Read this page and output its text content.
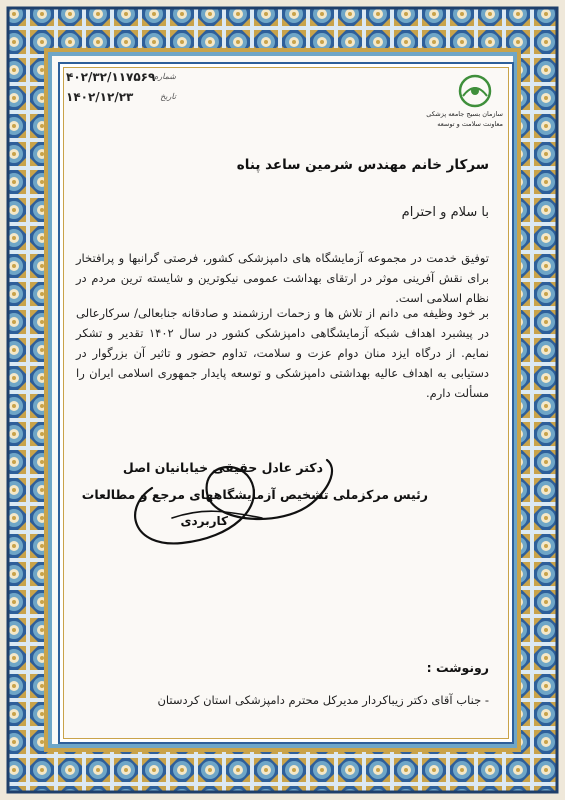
سازمان بسیج جامعه پزشکی
معاونت سلامت و توسعه
شماره
۴۰۲/۳۲/۱۱۷۵۶۹
تاریخ
۱۴۰۲/۱۲/۲۳
سرکار خانم مهندس شرمین ساعد پناه
با سلام و احترام
توفیق خدمت در مجموعه آزمایشگاه های دامپزشکی کشور، فرصتی گرانبها و پرافتخار برای نقش آفرینی موثر در ارتقای بهداشت عمومی نیکوترین و شایسته ترین مردم در نظام اسلامی است.
بر خود وظیفه می دانم از تلاش ها و زحمات ارزشمند و صادقانه جنابعالی/ سرکارعالی در پیشبرد اهداف شبکه آزمایشگاهی دامپزشکی کشور در سال ۱۴۰۲ تقدیر و تشکر نمایم. از درگاه ایزد منان دوام عزت و سلامت، تداوم حضور و تاثیر آن بزرگوار در دستیابی به اهداف عالیه بهداشتی دامپزشکی و توسعه پایدار جمهوری اسلامی ایران را مسألت دارم.
دکتر عادل حقیقی خیابانیان اصل
رئیس مرکزملی تشخیص آزمایشگاههای مرجع و مطالعات
کاربردی
رونوشت :
- جناب آقای دکتر زیباکردار مدیرکل محترم دامپزشکی استان کردستان
